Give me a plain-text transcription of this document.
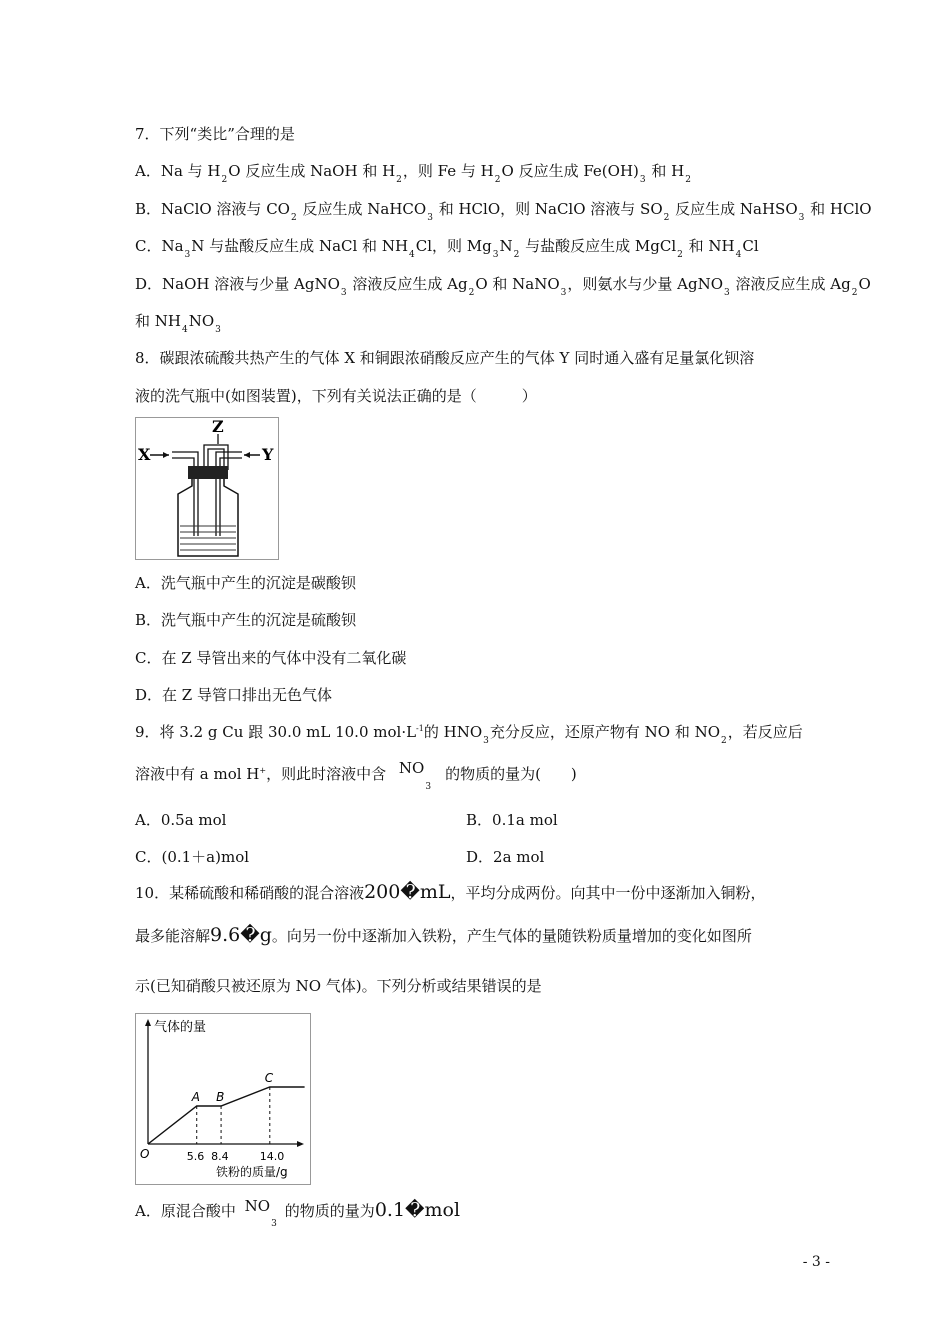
7．下列“类比”合理的是
A．Na 与 $H_2O$ 反应生成 NaOH 和 $H_2$，则 Fe 与 $H_2O$ 反应生成 $Fe(OH)_3$ 和 $H_2$
B．NaClO 溶液与 $CO_2$ 反应生成 NaHCO$_3$ 和 HClO，则 NaClO 溶液与 $SO_2$ 反应生成 NaHSO$_3$ 和 HClO
C．$Na_3N$ 与盐酸反应生成 NaCl 和 $NH_4Cl$，则 $Mg_3N_2$ 与盐酸反应生成 MgCl$_2$ 和 $NH_4Cl$
D．NaOH 溶液与少量 AgNO$_3$ 溶液反应生成 $Ag_2O$ 和 NaNO$_3$，则氨水与少量 AgNO$_3$ 溶液反应生成 $Ag_2O$
和 $NH_4NO_3$
8．碳跟浓硫酸共热产生的气体 X 和铜跟浓硝酸反应产生的气体 Y 同时通入盛有足量氯化钡溶
液的洗气瓶中(如图装置)，下列有关说法正确的是（　　　）
X	Y
Z
A．洗气瓶中产生的沉淀是碳酸钡
B．洗气瓶中产生的沉淀是硫酸钡
C．在 Z 导管出来的气体中没有二氧化碳
D．在 Z 导管口排出无色气体
9．将 3.2 g Cu 跟 30.0 mL 10.0 $mol\cdot L^{-1}$的 $HNO_3$充分反应，还原产物有 NO 和 $NO_2$，若反应后
溶液中有 a mol H+，则此时溶液中含 $NO_3$的物质的量为(　　)
A．0.5a mol	B．0.1a mol
C．(0.1＋a)mol	D．2a mol
10．某稀硫酸和稀硝酸的混合溶液200�mL，平均分成两份。向其中一份中逐渐加入铜粉，
最多能溶解9.6�g。向另一份中逐渐加入铁粉，产生气体的量随铁粉质量增加的变化如图所
示(已知硝酸只被还原为 NO 气体)。下列分析或结果错误的是
气体的量
O
铁粉的质量/g
A
5.6
B
8.4
C
14.0
A．原混合酸中 $NO_3$的物质的量为0.1�mol
- 3 -
